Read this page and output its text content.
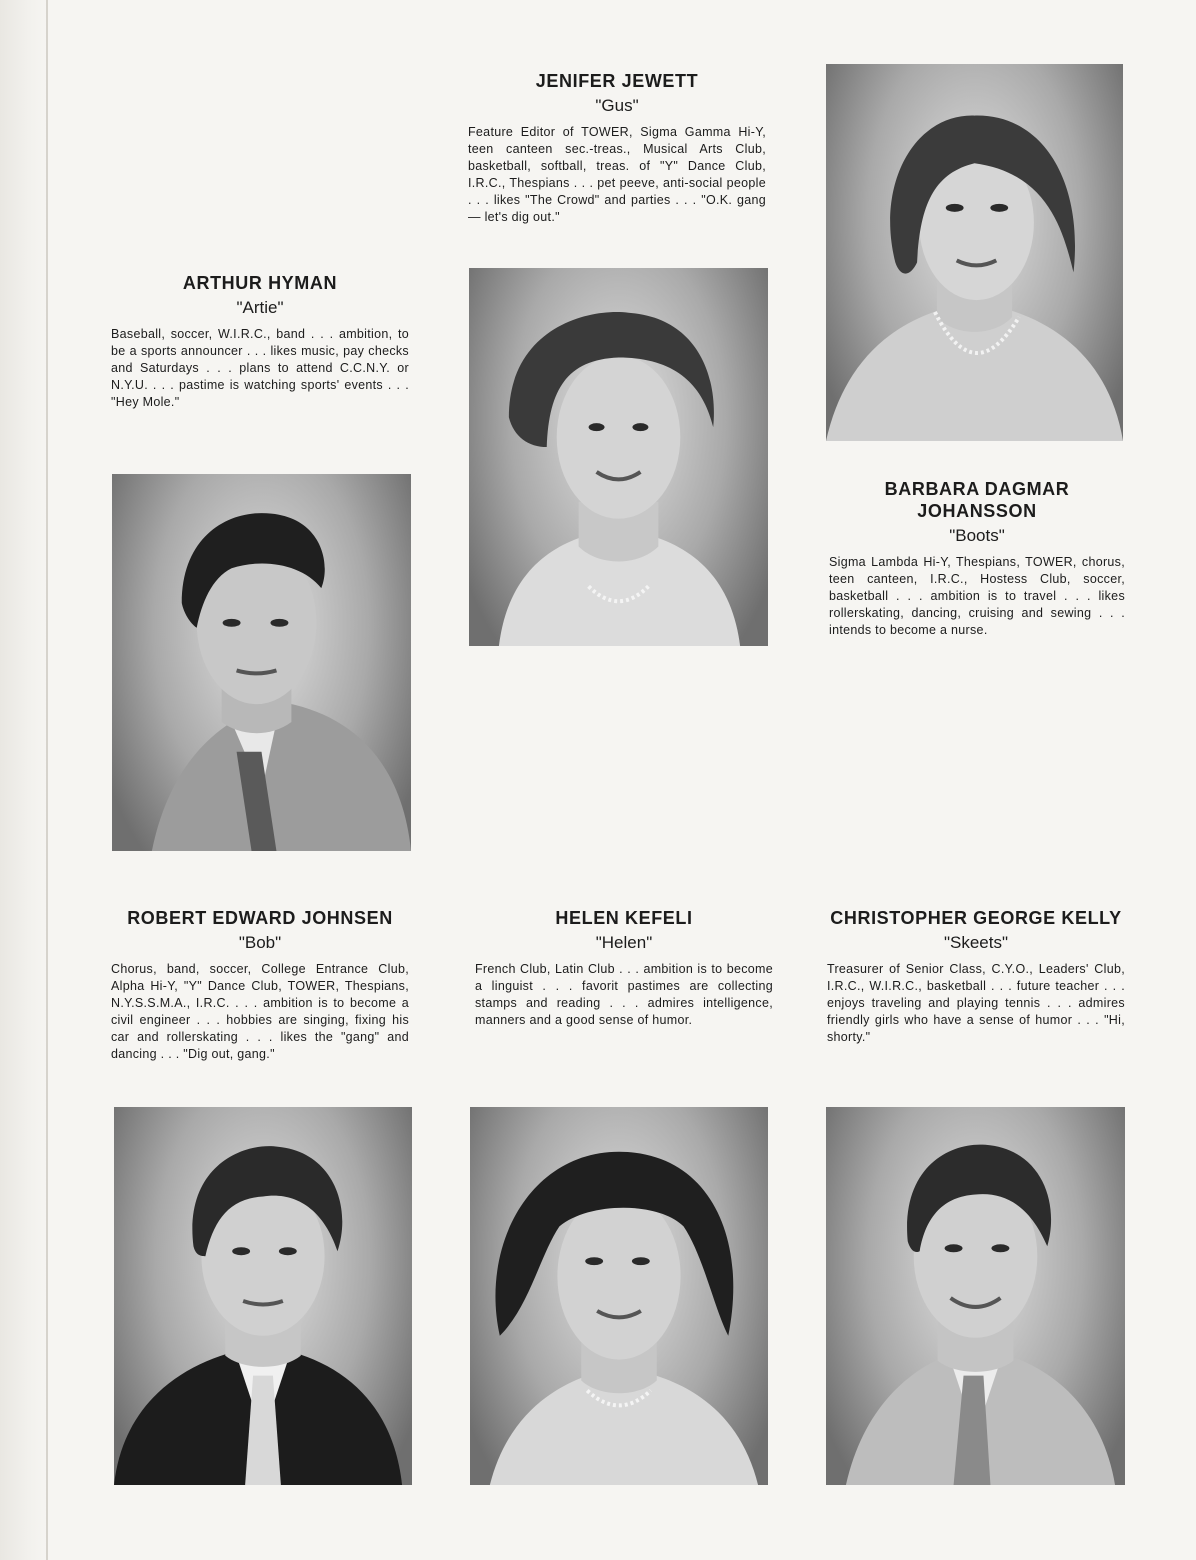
JENIFER JEWETT

"Gus"

Feature Editor of TOWER, Sigma Gamma Hi-Y, teen canteen sec.-treas., Musical Arts Club, basketball, softball, treas. of "Y" Dance Club, I.R.C., Thespians . . . pet peeve, anti-social people . . . likes "The Crowd" and parties . . . "O.K. gang— let's dig out."

ARTHUR HYMAN

"Artie"

Baseball, soccer, W.I.R.C., band . . . ambition, to be a sports announcer . . . likes music, pay checks and Saturdays . . . plans to attend C.C.N.Y. or N.Y.U. . . . pastime is watching sports' events . . . "Hey Mole."

BARBARA DAGMAR

JOHANSSON

"Boots"

Sigma Lambda Hi-Y, Thespians, TOWER, chorus, teen canteen, I.R.C., Hostess Club, soccer, basketball . . . ambition is to travel . . . likes rollerskating, dancing, cruising and sewing . . . intends to become a nurse.

ROBERT EDWARD JOHNSEN

"Bob"

Chorus, band, soccer, College Entrance Club, Alpha Hi-Y, "Y" Dance Club, TOWER, Thespians, N.Y.S.S.M.A., I.R.C. . . . ambition is to become a civil engineer . . . hobbies are singing, fixing his car and rollerskating . . . likes the "gang" and dancing . . . "Dig out, gang."

HELEN KEFELI

"Helen"

French Club, Latin Club . . . ambition is to become a linguist . . . favorit pastimes are collecting stamps and reading . . . admires intelligence, manners and a good sense of humor.

CHRISTOPHER GEORGE KELLY

"Skeets"

Treasurer of Senior Class, C.Y.O., Leaders' Club, I.R.C., W.I.R.C., basketball . . . future teacher . . . enjoys traveling and playing tennis . . . admires friendly girls who have a sense of humor . . . "Hi, shorty."
